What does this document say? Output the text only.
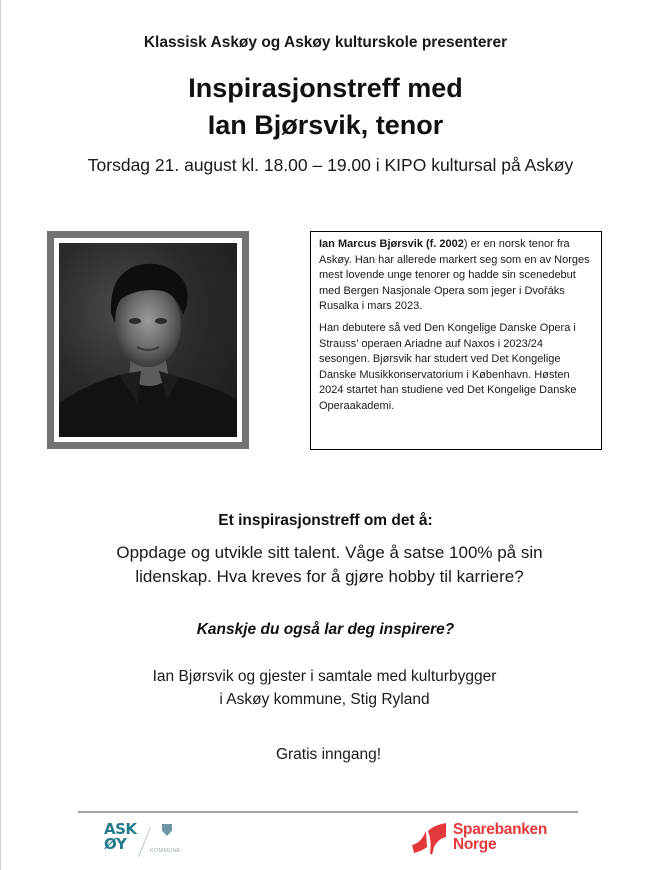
Klassisk Askøy og Askøy kulturskole presenterer
Inspirasjonstreff med
Ian Bjørsvik, tenor
Torsdag 21. august kl. 18.00 – 19.00 i KIPO kultursal på Askøy

Ian Marcus Bjørsvik (f. 2002) er en norsk tenor fra Askøy. Han har allerede markert seg som en av Norges mest lovende unge tenorer og hadde sin scenedebut med Bergen Nasjonale Opera som jeger i Dvořáks Rusalka i mars 2023.

Han debutere så ved Den Kongelige Danske Opera i Strauss’ operaen Ariadne auf Naxos i 2023/24 sesongen. Bjørsvik har studert ved Det Kongelige Danske Musikkonservatorium i København. Høsten 2024 startet han studiene ved Det Kongelige Danske Operaakademi.

Et inspirasjonstreff om det å:
Oppdage og utvikle sitt talent. Våge å satse 100% på sin
lidenskap. Hva kreves for å gjøre hobby til karriere?
Kanskje du også lar deg inspirere?
Ian Bjørsvik og gjester i samtale med kulturbygger
i Askøy kommune, Stig Ryland
Gratis inngang!
ASK
ØY	KOMMUNE
Sparebanken
Norge
